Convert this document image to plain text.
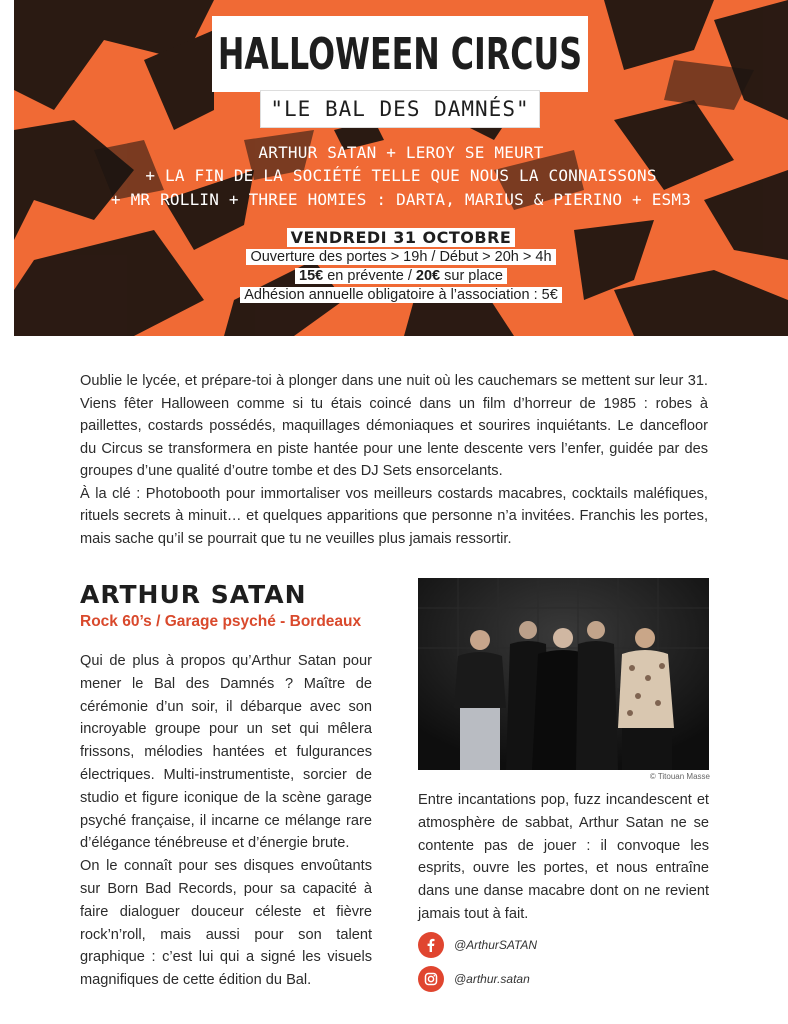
HALLOWEEN CIRCUS
"LE BAL DES DAMNÉS"
ARTHUR SATAN + LEROY SE MEURT
+ LA FIN DE LA SOCIÉTÉ TELLE QUE NOUS LA CONNAISSONS
+ MR ROLLIN + THREE HOMIES : DARTA, MARIUS & PIERINO + ESM3
VENDREDI 31 OCTOBRE
Ouverture des portes > 19h / Début > 20h > 4h
15€ en prévente / 20€ sur place
Adhésion annuelle obligatoire à l’association : 5€

Oublie le lycée, et prépare-toi à plonger dans une nuit où les cauchemars se mettent sur leur 31. Viens fêter Halloween comme si tu étais coincé dans un film d’horreur de 1985 : robes à paillettes, costards possédés, maquillages démoniaques et sourires inquiétants. Le dancefloor du Circus se transformera en piste hantée pour une lente descente vers l’enfer, guidée par des groupes d’une qualité d’outre tombe et des DJ Sets ensorcelants.

À la clé : Photobooth pour immortaliser vos meilleurs costards macabres, cocktails maléfiques, rituels secrets à minuit… et quelques apparitions que personne n’a invitées. Franchis les portes, mais sache qu’il se pourrait que tu ne veuilles plus jamais ressortir.

ARTHUR SATAN
Rock 60’s / Garage psyché - Bordeaux

Qui de plus à propos qu’Arthur Satan pour mener le Bal des Damnés ? Maître de cérémonie d’un soir, il débarque avec son incroyable groupe pour un set qui mêlera frissons, mélodies hantées et fulgurances électriques. Multi-instrumentiste, sorcier de studio et figure iconique de la scène garage psyché française, il incarne ce mélange rare d’élégance ténébreuse et d’énergie brute.

On le connaît pour ses disques envoûtants sur Born Bad Records, pour sa capacité à faire dialoguer douceur céleste et fièvre rock’n’roll, mais aussi pour son talent graphique : c’est lui qui a signé les visuels magnifiques de cette édition du Bal.

© Titouan Masse
Entre incantations pop, fuzz incandescent et atmosphère de sabbat, Arthur Satan ne se contente pas de jouer : il convoque les esprits, ouvre les portes, et nous entraîne dans une danse macabre dont on ne revient jamais tout à fait.
@ArthurSATAN
@arthur.satan
